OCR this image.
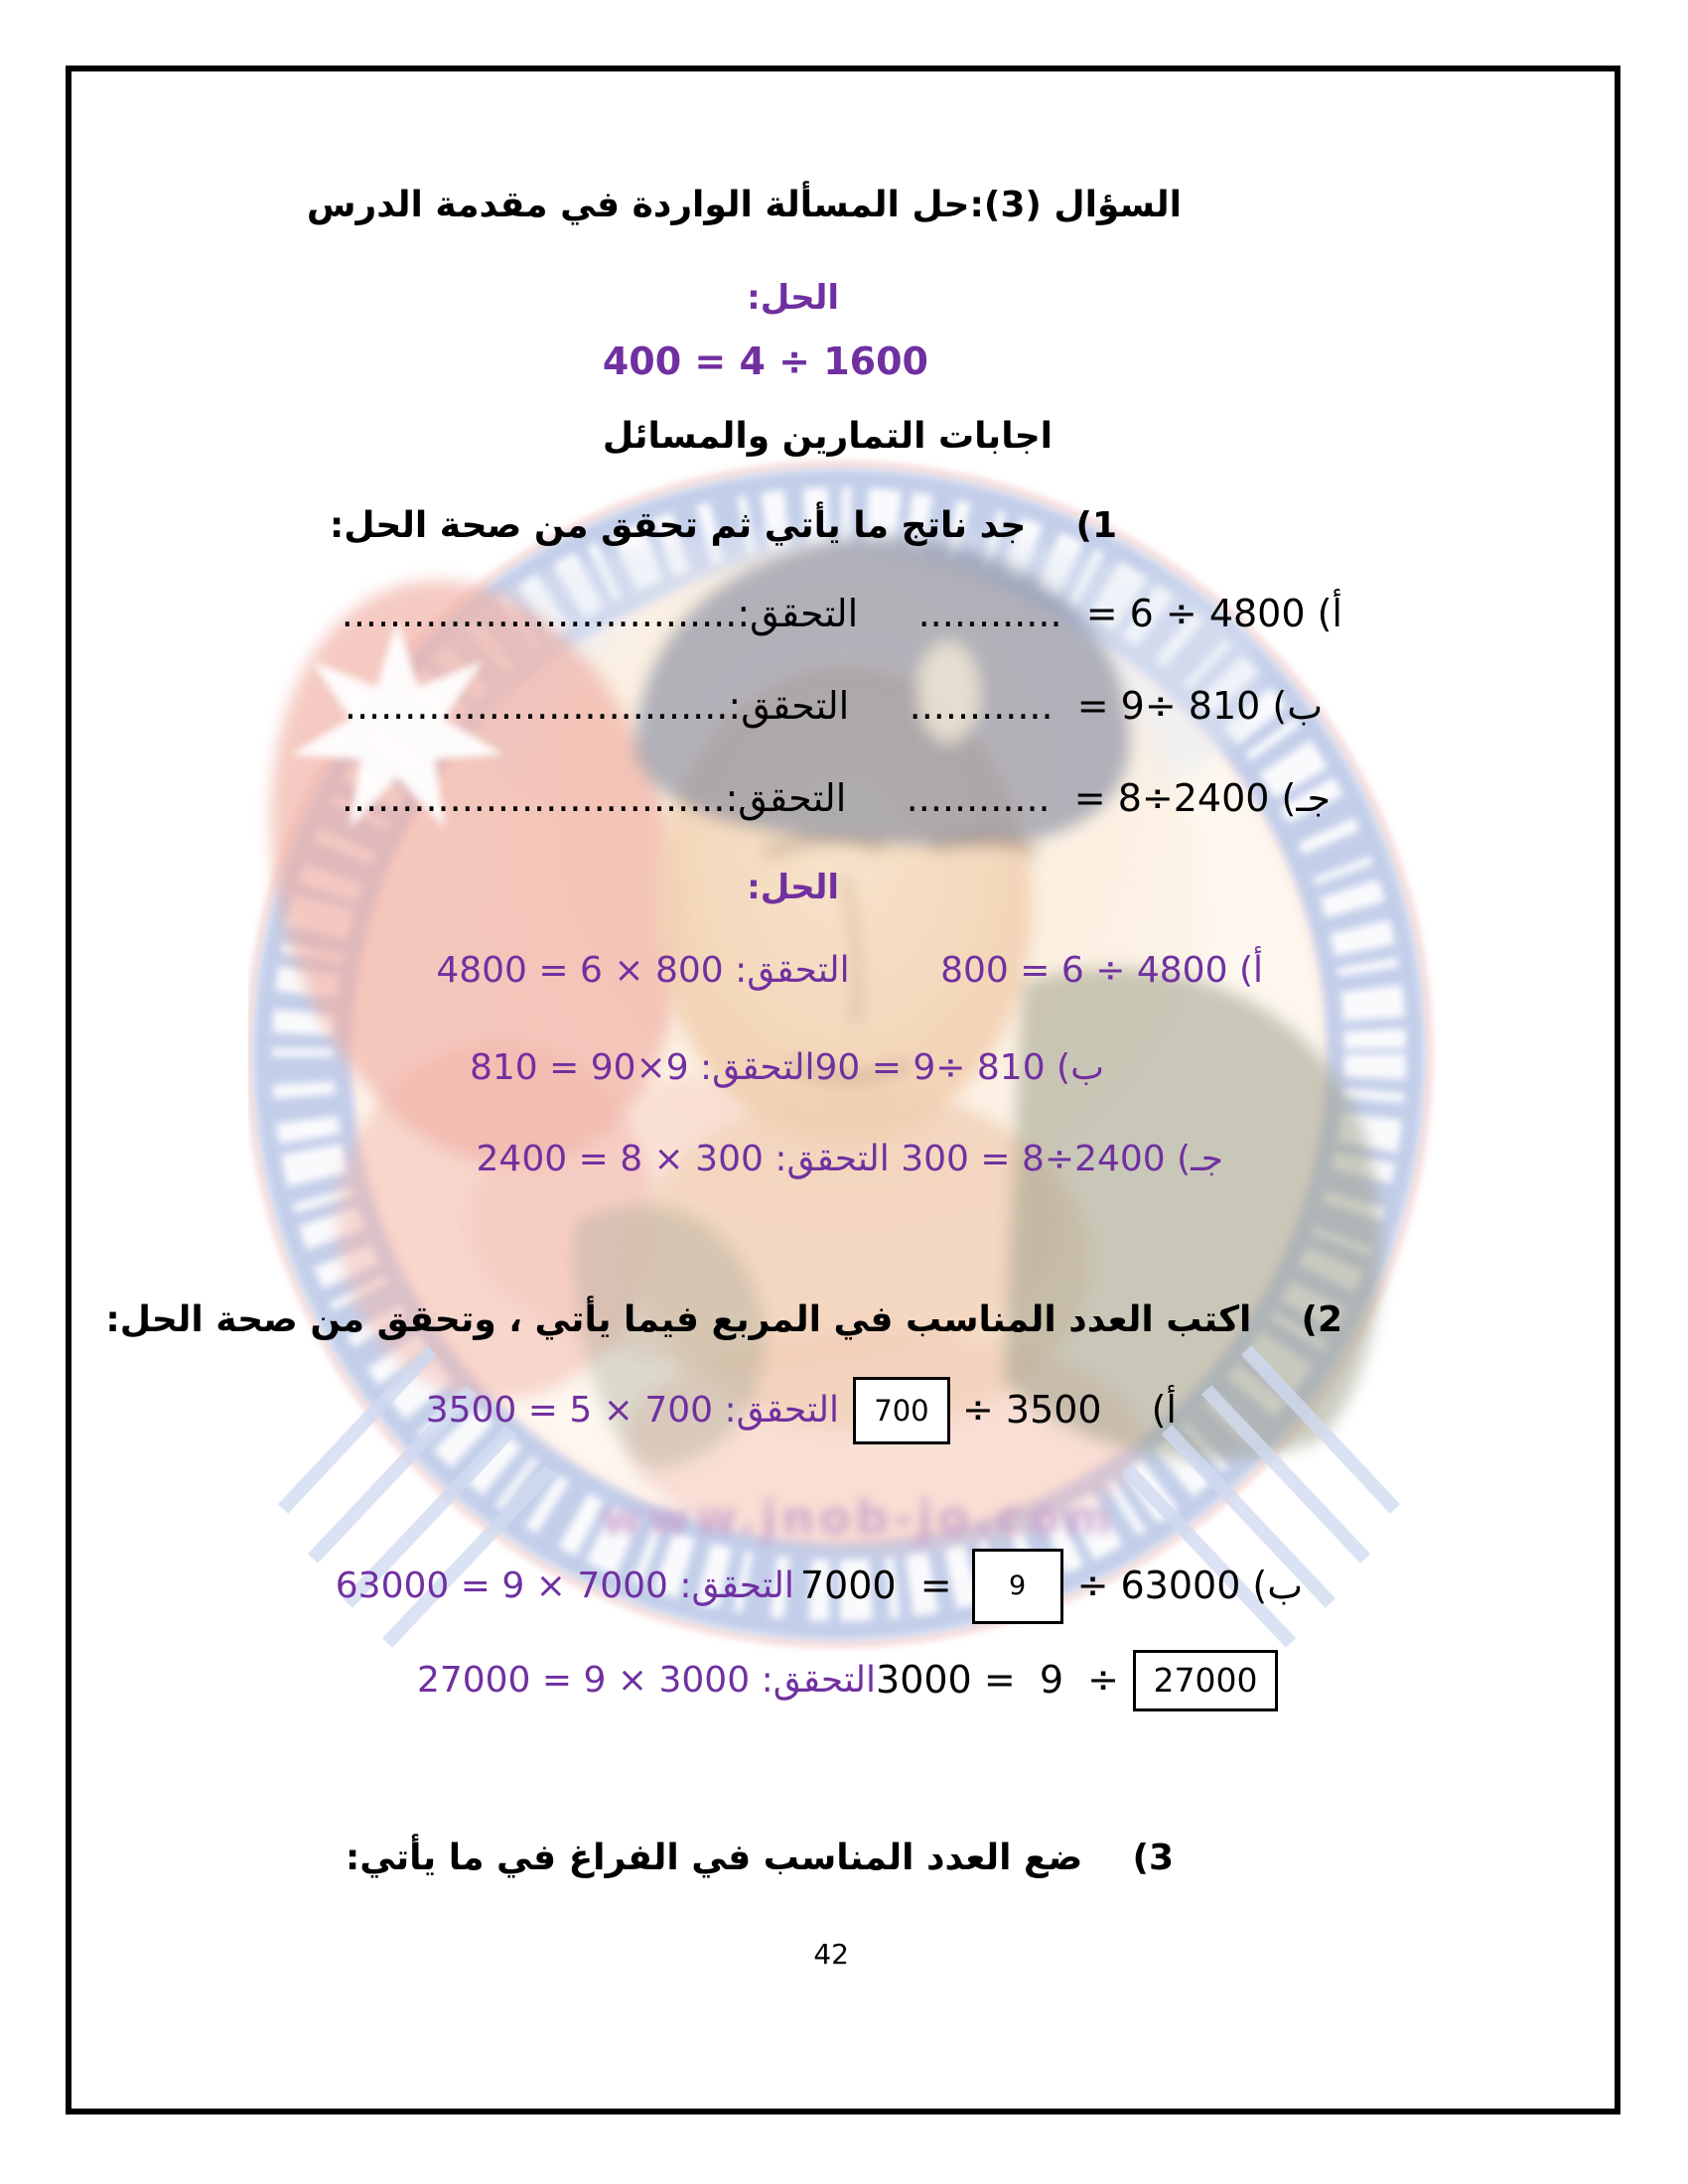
www.jnob-jo.com
السؤال (3):حل المسألة الواردة في مقدمة الدرس
الحل:
1600 ÷ 4 = 400
اجابات التمارين والمسائل
1)    جد ناتج ما يأتي ثم تحقق من صحة الحل:
أ) 4800 ÷ 6 =  ............     التحقق:.................................
ب) 810 ÷9 =  ............     التحقق:................................
جـ) 2400÷8 =  ............     التحقق:................................
الحل:
أ) 4800 ÷ 6 = 800        التحقق: 800 × 6 = 4800
ب) 810 ÷9 = 90التحقق: 9×90 = 810
جـ) 2400÷8 = 300 التحقق: 300 × 8 = 2400
2)    اكتب العدد المناسب في المربع فيما يأتي ، وتحقق من صحة الحل:
أ)
3500 ÷
700
التحقق: 700 × 5 = 3500
ب)
63000 ÷
9
=  7000
التحقق: 7000 × 9 = 63000
27000
÷  9  = 3000
التحقق: 3000 × 9 = 27000
3)    ضع العدد المناسب في الفراغ في ما يأتي:
42
